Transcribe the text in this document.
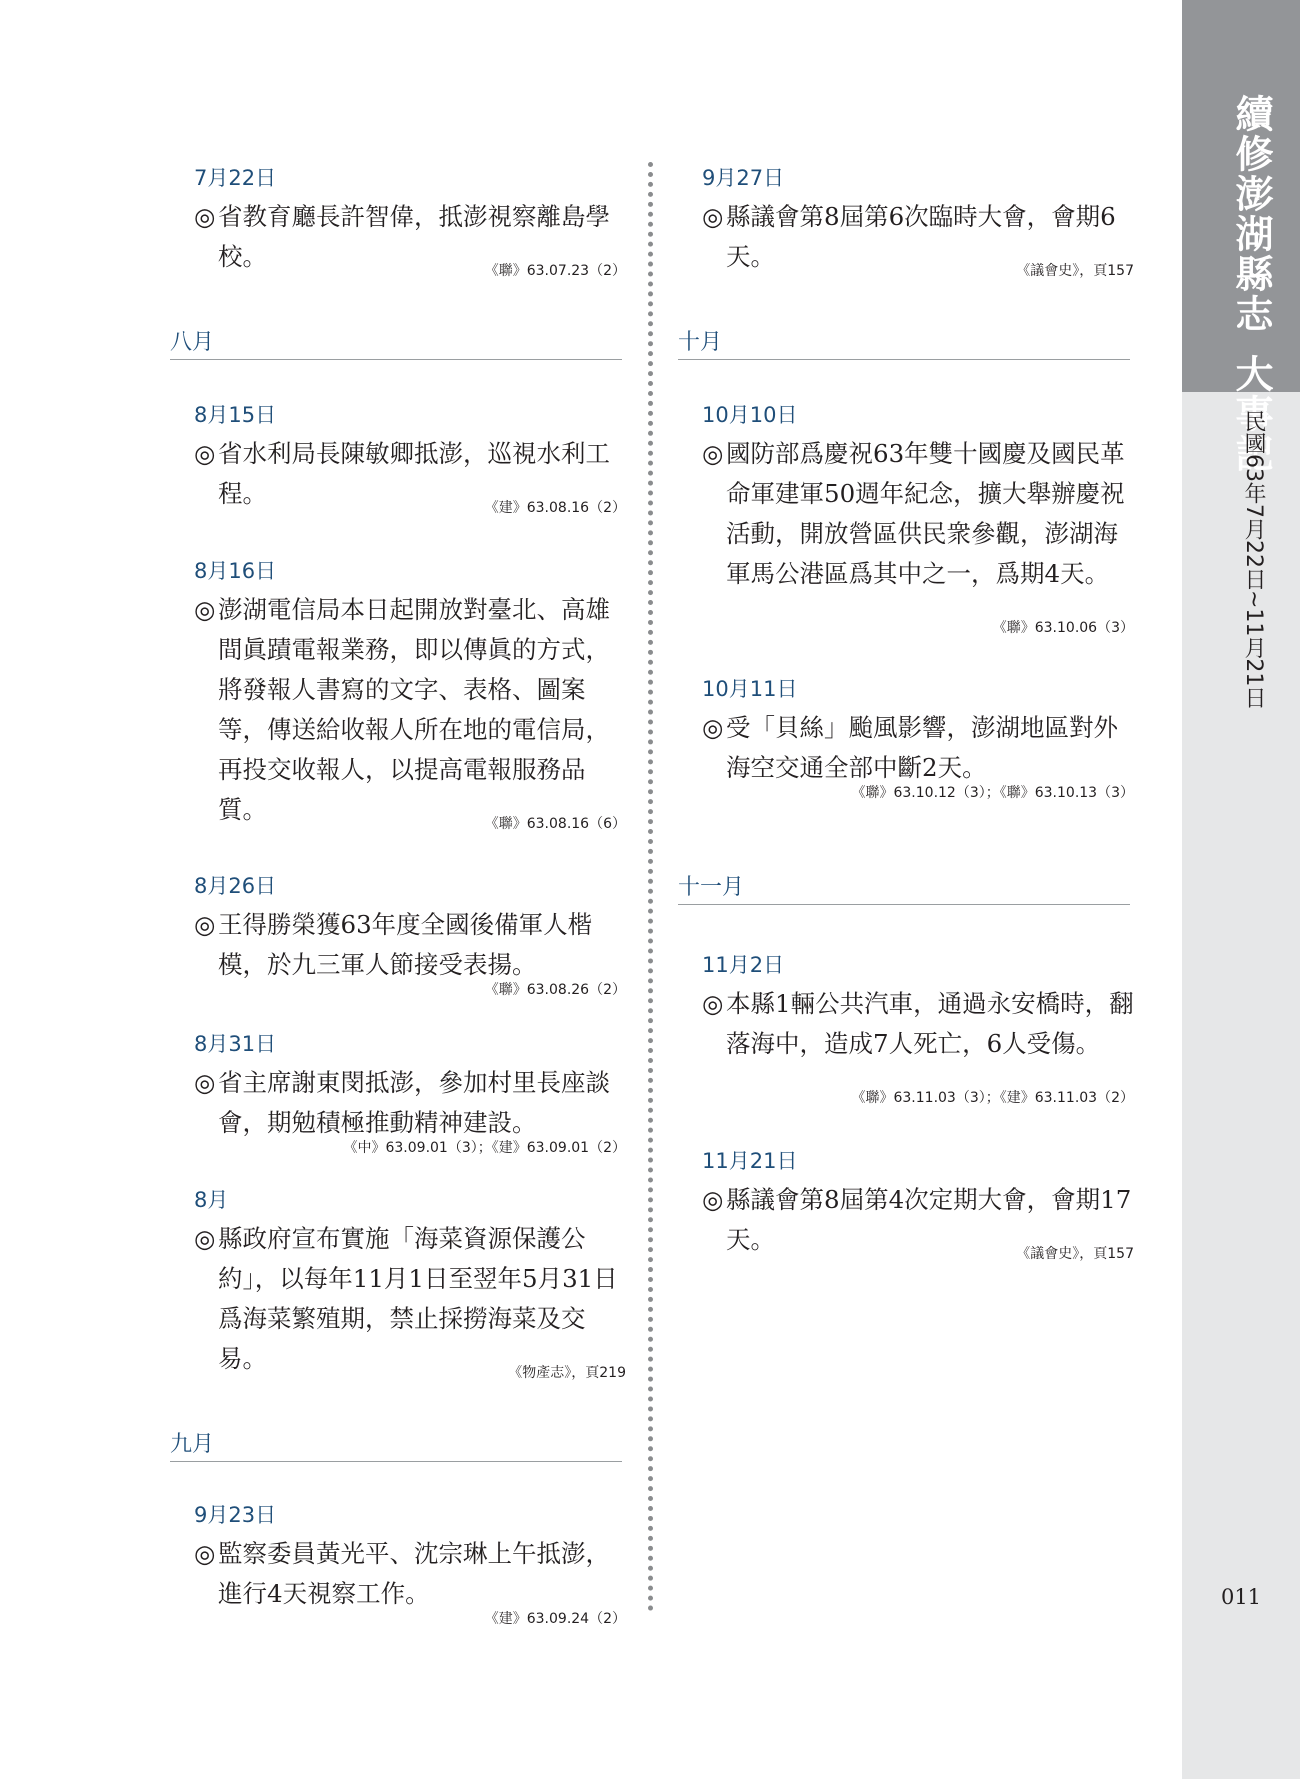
續修澎湖縣志大事記
民國63年7月22日~11月21日
011
7月22日
◎ 省教育廳長許智偉，抵澎視察離島學校。	《聯》63.07.23（2）
八月
8月15日
◎ 省水利局長陳敏卿抵澎，巡視水利工程。	《建》63.08.16（2）
8月16日
◎ 澎湖電信局本日起開放對臺北、高雄間眞蹟電報業務，即以傳眞的方式，將發報人書寫的文字、表格、圖案等，傳送給收報人所在地的電信局，再投交收報人，以提高電報服務品質。	《聯》63.08.16（6）
8月26日
◎ 王得勝榮獲63年度全國後備軍人楷模，於九三軍人節接受表揚。
《聯》63.08.26（2）
8月31日
◎ 省主席謝東閔抵澎，參加村里長座談會，期勉積極推動精神建設。
《中》63.09.01（3）；《建》63.09.01（2）
8月
◎ 縣政府宣布實施「海菜資源保護公約」，以每年11月1日至翌年5月31日爲海菜繁殖期，禁止採撈海菜及交易。	《物產志》，頁219
九月
9月23日
◎ 監察委員黃光平、沈宗琳上午抵澎，進行4天視察工作。
《建》63.09.24（2）
9月27日
◎ 縣議會第8屆第6次臨時大會，會期6天。	《議會史》，頁157
十月
10月10日
◎ 國防部爲慶祝63年雙十國慶及國民革命軍建軍50週年紀念，擴大舉辦慶祝活動，開放營區供民衆參觀，澎湖海軍馬公港區爲其中之一，爲期4天。
《聯》63.10.06（3）
10月11日
◎ 受「貝絲」颱風影響，澎湖地區對外海空交通全部中斷2天。
《聯》63.10.12（3）；《聯》63.10.13（3）
十一月
11月2日
◎ 本縣1輛公共汽車，通過永安橋時，翻落海中，造成7人死亡，6人受傷。
《聯》63.11.03（3）；《建》63.11.03（2）
11月21日
◎ 縣議會第8屆第4次定期大會，會期17天。	《議會史》，頁157
